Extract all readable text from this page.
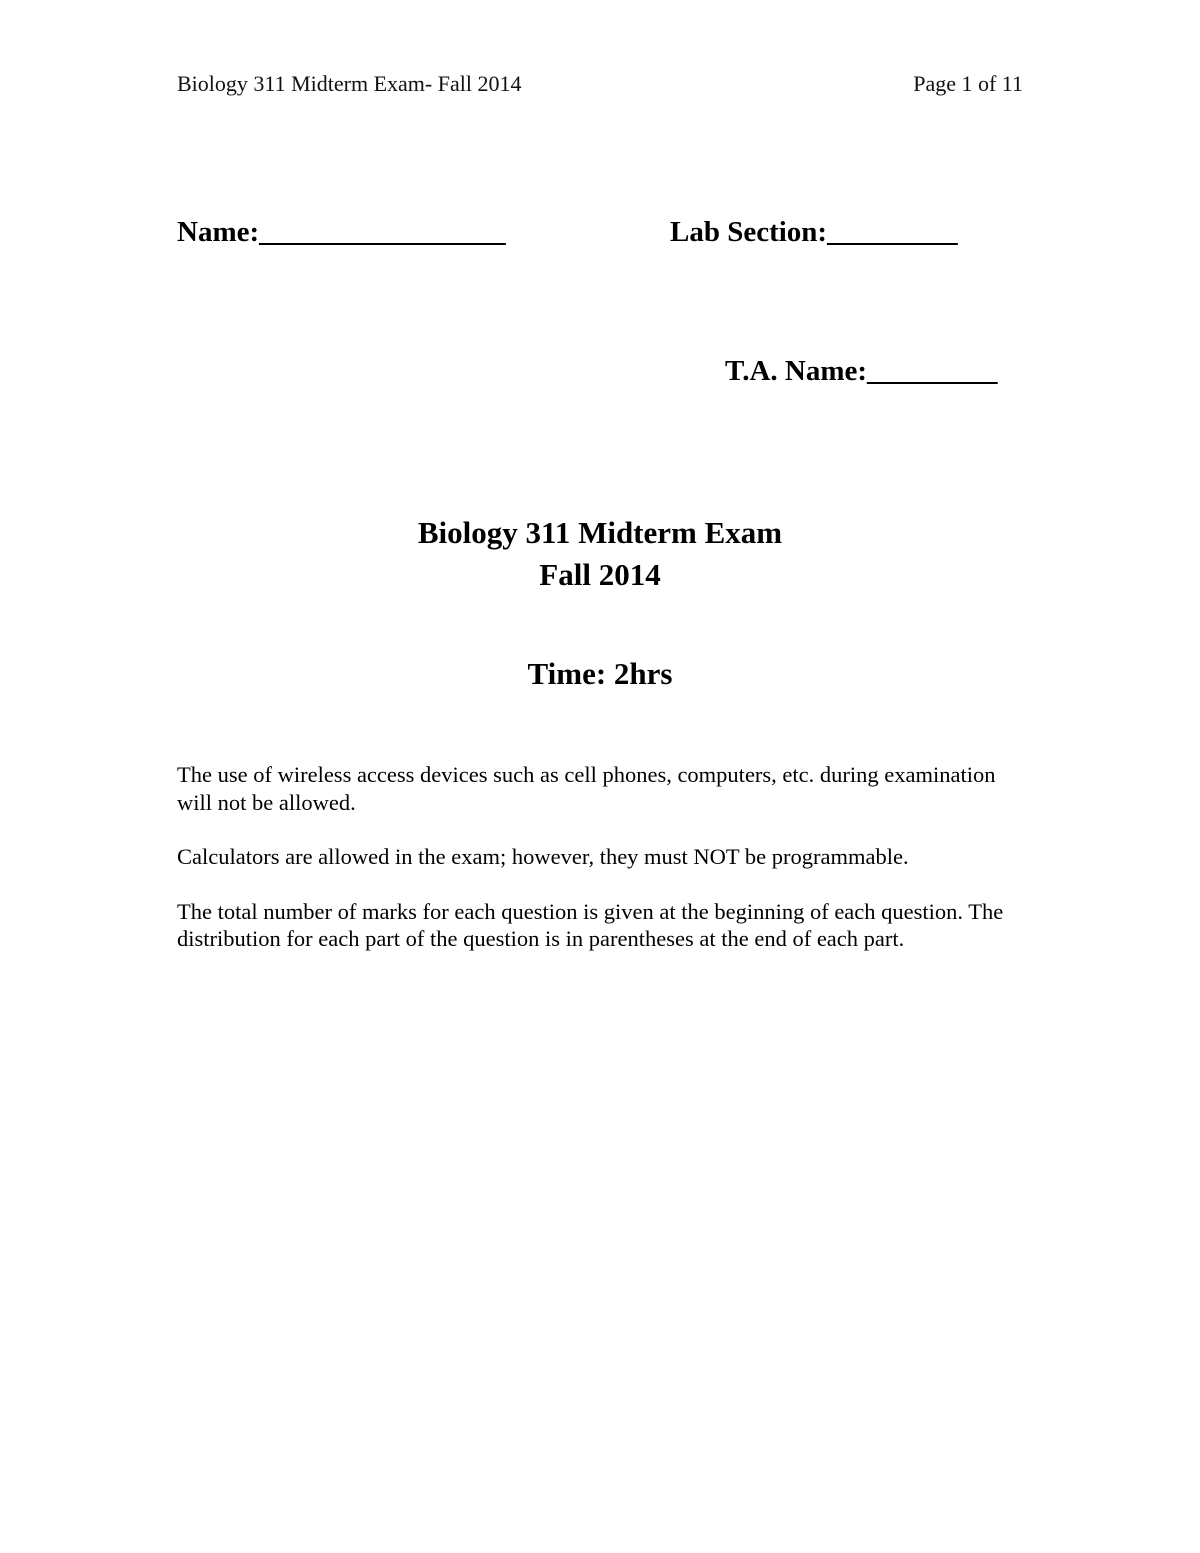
Biology 311 Midterm Exam- Fall 2014	Page 1 of 11
Name:_________________	Lab Section:_________
T.A. Name:_________
Biology 311 Midterm Exam
Fall 2014
Time: 2hrs

The use of wireless access devices such as cell phones, computers, etc. during examination will not be allowed.

Calculators are allowed in the exam; however, they must NOT be programmable.

The total number of marks for each question is given at the beginning of each question. The distribution for each part of the question is in parentheses at the end of each part.
